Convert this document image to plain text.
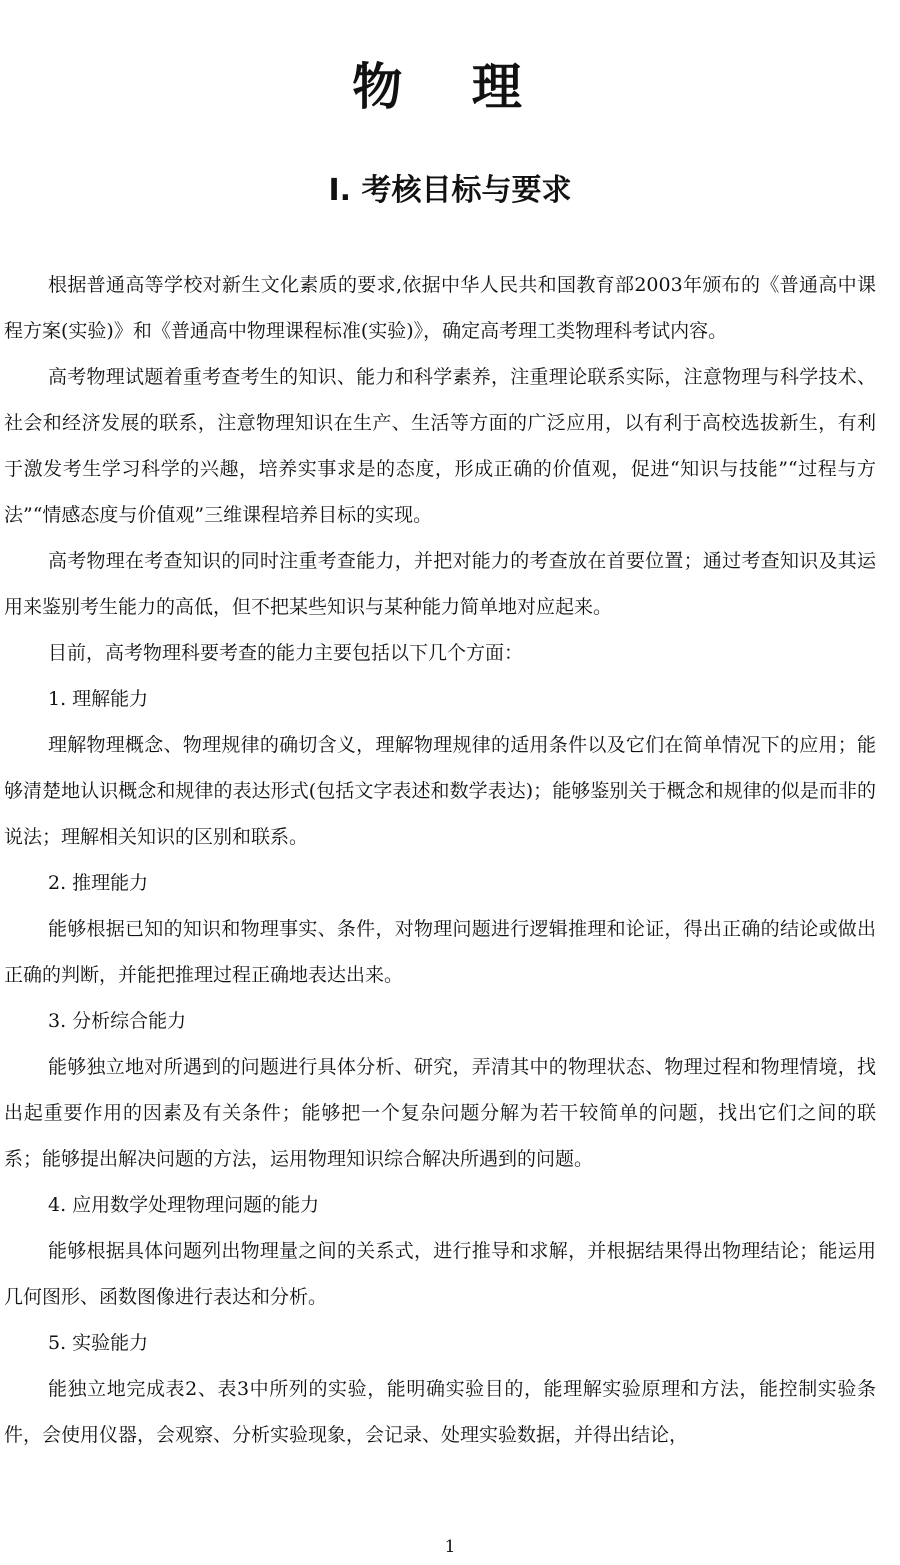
物 理
Ⅰ. 考核目标与要求

根据普通高等学校对新生文化素质的要求,依据中华人民共和国教育部2003年颁布的《普通高中课程方案(实验)》和《普通高中物理课程标准(实验)》，确定高考理工类物理科考试内容。

高考物理试题着重考查考生的知识、能力和科学素养，注重理论联系实际，注意物理与科学技术、社会和经济发展的联系，注意物理知识在生产、生活等方面的广泛应用，以有利于高校选拔新生，有利于激发考生学习科学的兴趣，培养实事求是的态度，形成正确的价值观，促进“知识与技能”“过程与方法”“情感态度与价值观”三维课程培养目标的实现。

高考物理在考查知识的同时注重考查能力，并把对能力的考查放在首要位置；通过考查知识及其运用来鉴别考生能力的高低，但不把某些知识与某种能力简单地对应起来。

目前，高考物理科要考查的能力主要包括以下几个方面：

1. 理解能力

理解物理概念、物理规律的确切含义，理解物理规律的适用条件以及它们在简单情况下的应用；能够清楚地认识概念和规律的表达形式(包括文字表述和数学表达)；能够鉴别关于概念和规律的似是而非的说法；理解相关知识的区别和联系。

2. 推理能力

能够根据已知的知识和物理事实、条件，对物理问题进行逻辑推理和论证，得出正确的结论或做出正确的判断，并能把推理过程正确地表达出来。

3. 分析综合能力

能够独立地对所遇到的问题进行具体分析、研究，弄清其中的物理状态、物理过程和物理情境，找出起重要作用的因素及有关条件；能够把一个复杂问题分解为若干较简单的问题，找出它们之间的联系；能够提出解决问题的方法，运用物理知识综合解决所遇到的问题。

4. 应用数学处理物理问题的能力

能够根据具体问题列出物理量之间的关系式，进行推导和求解，并根据结果得出物理结论；能运用几何图形、函数图像进行表达和分析。

5. 实验能力

能独立地完成表2、表3中所列的实验，能明确实验目的，能理解实验原理和方法，能控制实验条件，会使用仪器，会观察、分析实验现象，会记录、处理实验数据，并得出结论，

1
